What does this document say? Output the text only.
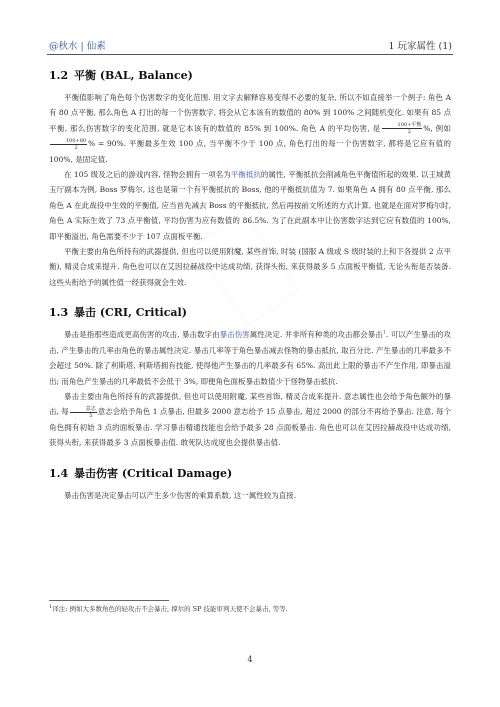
@秋水 | 仙素	1 玩家属性 (1)
1.2 平衡 (BAL, Balance)

平衡值影响了角色每个伤害数字的变化范围. 用文字去解释容易变得不必要的复杂, 所以不如直接举一个例子: 角色 A 有 80 点平衡, 那么角色 A 打出的每一个伤害数字, 将会从它本该有的数值的 80% 到 100% 之间随机变化. 如果有 85 点平衡, 那么伤害数字的变化范围, 就是它本该有的数值的 85% 到 100%. 角色 A 的平均伤害, 是 $\frac{\text{100+平衡}}{2}$ %, 例如
$\frac{100+80}{2}$ % = 90%. 平衡最多生效 100 点, 当平衡不少于 100 点, 角色打出的每一个伤害数字, 都将是它应有值的 100%, 是固定值.

在 105 级及之后的游戏内容, 怪物会拥有一项名为平衡抵抗的属性, 平衡抵抗会削减角色平衡值所起的效果. 以王城黄玉厅副本为例, Boss 罗梅尔, 这也是第一个有平衡抵抗的 Boss, 他的平衡抵抗值为 7. 如果角色 A 拥有 80 点平衡, 那么角色 A 在此战役中生效的平衡值, 应当首先减去 Boss 的平衡抵抗, 然后再按前文所述的方式计算, 也就是在面对罗梅尔时, 角色 A 实际生效了 73 点平衡值, 平均伤害为应有数值的 86.5%. 为了在此副本中让伤害数字达到它应有数值的 100%, 即平衡溢出, 角色需要不少于 107 点面板平衡.

平衡主要由角色所持有的武器提供, 但也可以使用附魔, 某些首饰, 时装 (国服 A 级或 S 级时装的上和下各提供 2 点平衡), 精灵合成来提升. 角色也可以在艾因拉赫战役中达成功绩, 获得头衔, 来获得最多 5 点面板平衡值, 无论头衔是否装备. 这些头衔给予的属性值一经获得就会生效.

1.3 暴击 (CRI, Critical)

暴击是指那些造成更高伤害的攻击, 暴击数字由暴击伤害属性决定. 并非所有种类的攻击都会暴击$^1$. 可以产生暴击的攻击, 产生暴击的几率由角色的暴击属性决定. 暴击几率等于角色暴击减去怪物的暴击抵抗, 取百分比. 产生暴击的几率最多不会超过 50%. 除了利斯塔, 利斯塔拥有技能, 使得他产生暴击的几率最多有 65%. 高出此上限的暴击不产生作用, 即暴击溢出; 而角色产生暴击的几率最低不会低于 3%, 即便角色面板暴击数值少于怪物暴击抵抗.

暴击主要由角色所持有的武器提供, 但也可以使用附魔, 某些首饰, 精灵合成来提升. 意志属性也会给予角色额外的暴击, 每 $\frac{\text{意志}}{5}$ 意志会给予角色 1 点暴击, 但最多 2000 意志给予 15 点暴击, 超过 2000 的部分不再给予暴击. 注意, 每个角色拥有初始 3 点的面板暴击. 学习暴击精通技能也会给予最多 28 点面板暴击. 角色也可以在艾因拉赫战役中达成功绩, 获得头衔, 来获得最多 3 点面板暴击值. 敢死队达成度也会提供暴击值.

1.4 暴击伤害 (Critical Damage)

暴击伤害是决定暴击可以产生多少伤害的乘算系数, 这一属性较为直接.

$^1$译注: 例如大多数角色的轻攻击不会暴击, 撑尔的 SP 技能审判天使不会暴击, 等等.
4
